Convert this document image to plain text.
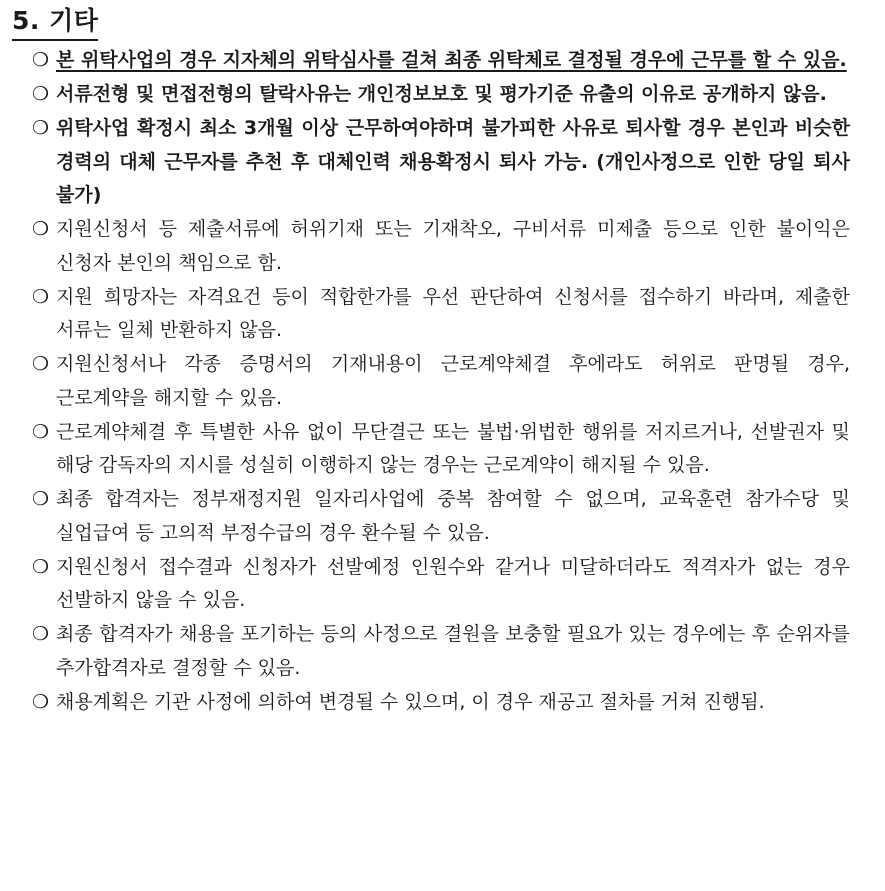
5. 기타
❍ 본 위탁사업의 경우 지자체의 위탁심사를 걸쳐 최종 위탁체로 결정될 경우에 근무를 할 수 있음.
❍ 서류전형 및 면접전형의 탈락사유는 개인정보보호 및 평가기준 유출의 이유로 공개하지 않음.
❍ 위탁사업 확정시 최소 3개월 이상 근무하여야하며 불가피한 사유로 퇴사할 경우 본인과 비슷한 경력의 대체 근무자를 추천 후 대체인력 채용확정시 퇴사 가능. (개인사정으로 인한 당일 퇴사 불가)
❍ 지원신청서 등 제출서류에 허위기재 또는 기재착오, 구비서류 미제출 등으로 인한 불이익은 신청자 본인의 책임으로 함.
❍ 지원 희망자는 자격요건 등이 적합한가를 우선 판단하여 신청서를 접수하기 바라며, 제출한 서류는 일체 반환하지 않음.
❍ 지원신청서나 각종 증명서의 기재내용이 근로계약체결 후에라도 허위로 판명될 경우, 근로계약을 해지할 수 있음.
❍ 근로계약체결 후 특별한 사유 없이 무단결근 또는 불법·위법한 행위를 저지르거나, 선발권자 및 해당 감독자의 지시를 성실히 이행하지 않는 경우는 근로계약이 해지될 수 있음.
❍ 최종 합격자는 정부재정지원 일자리사업에 중복 참여할 수 없으며, 교육훈련 참가수당 및 실업급여 등 고의적 부정수급의 경우 환수될 수 있음.
❍ 지원신청서 접수결과 신청자가 선발예정 인원수와 같거나 미달하더라도 적격자가 없는 경우 선발하지 않을 수 있음.
❍ 최종 합격자가 채용을 포기하는 등의 사정으로 결원을 보충할 필요가 있는 경우에는 후 순위자를 추가합격자로 결정할 수 있음.
❍ 채용계획은 기관 사정에 의하여 변경될 수 있으며, 이 경우 재공고 절차를 거쳐 진행됨.
